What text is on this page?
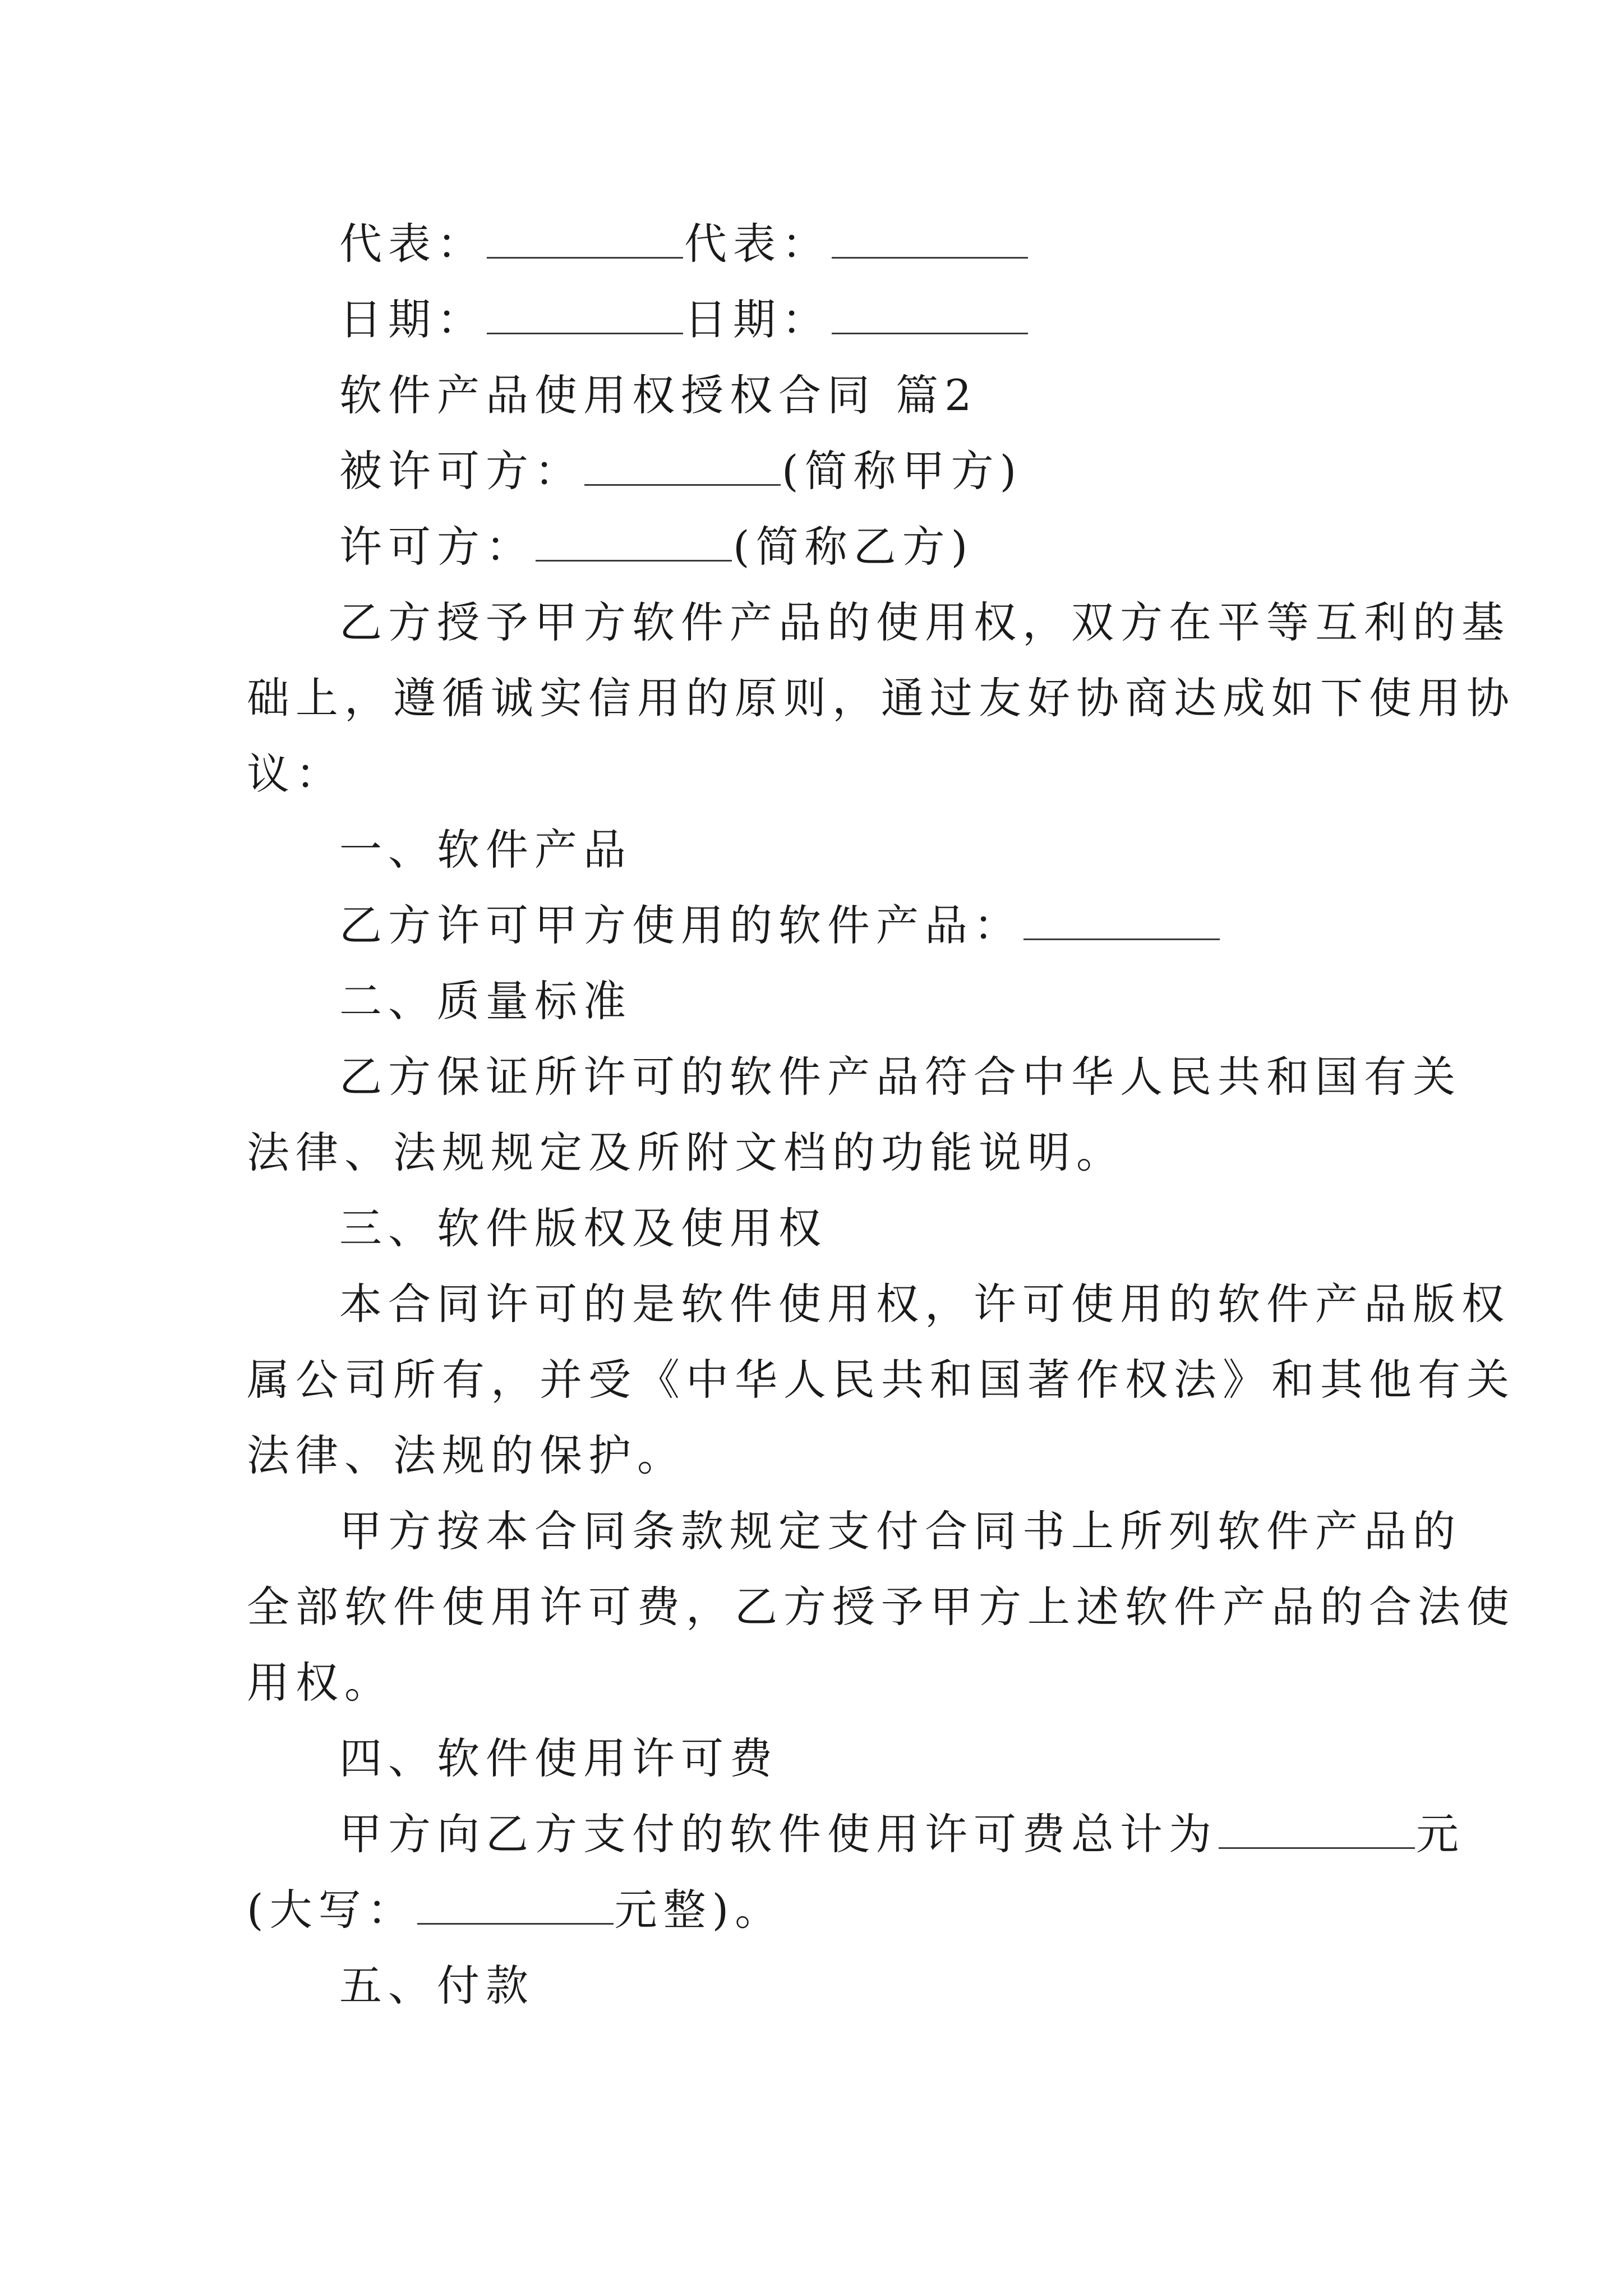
代表：	代表：
日期：	日期：
软件产品使用权授权合同 篇2
被许可方：	(简称甲方)
许可方：	(简称乙方)
乙方授予甲方软件产品的使用权，双方在平等互利的基
础上，遵循诚实信用的原则，通过友好协商达成如下使用协
议：
一、软件产品
乙方许可甲方使用的软件产品：
二、质量标准
乙方保证所许可的软件产品符合中华人民共和国有关
法律、法规规定及所附文档的功能说明。
三、软件版权及使用权
本合同许可的是软件使用权，许可使用的软件产品版权
属公司所有，并受《中华人民共和国著作权法》和其他有关
法律、法规的保护。
甲方按本合同条款规定支付合同书上所列软件产品的
全部软件使用许可费，乙方授予甲方上述软件产品的合法使
用权。
四、软件使用许可费
甲方向乙方支付的软件使用许可费总计为	元
(大写：	元整)。
五、付款
